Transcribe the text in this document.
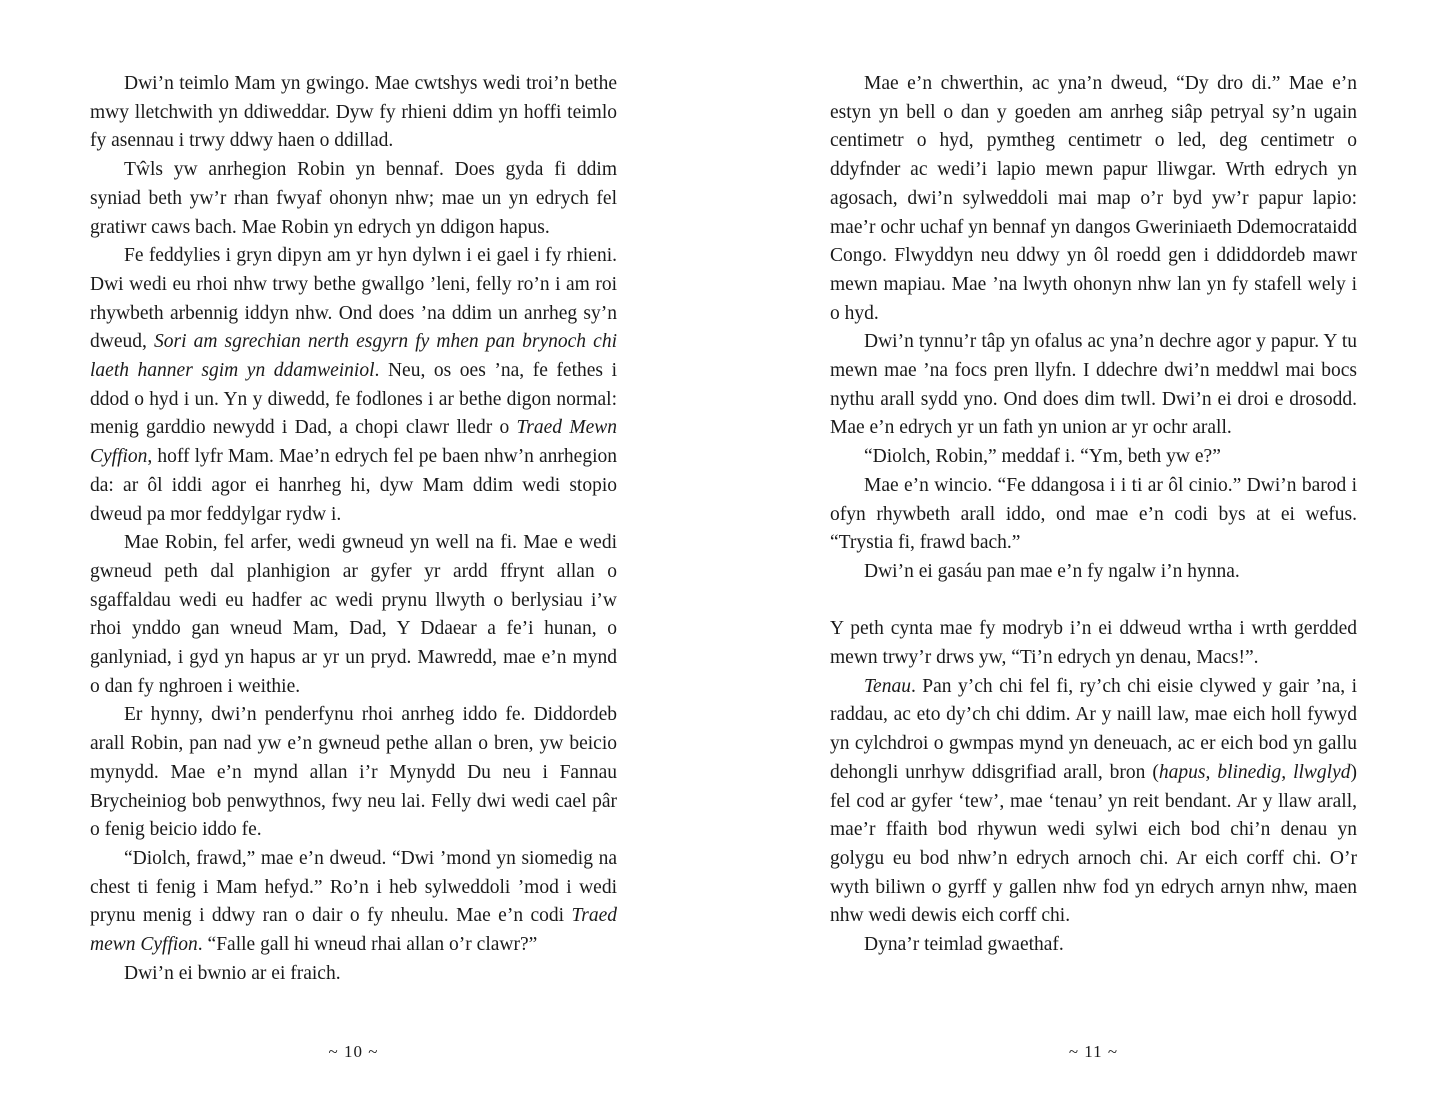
Dwi’n teimlo Mam yn gwingo. Mae cwtshys wedi troi’n bethe mwy lletchwith yn ddiweddar. Dyw fy rhieni ddim yn hoffi teimlo fy asennau i trwy ddwy haen o ddillad.

Tŵls yw anrhegion Robin yn bennaf. Does gyda fi ddim syniad beth yw’r rhan fwyaf ohonyn nhw; mae un yn edrych fel gratiwr caws bach. Mae Robin yn edrych yn ddigon hapus.

Fe feddylies i gryn dipyn am yr hyn dylwn i ei gael i fy rhieni. Dwi wedi eu rhoi nhw trwy bethe gwallgo ’leni, felly ro’n i am roi rhywbeth arbennig iddyn nhw. Ond does ’na ddim un anrheg sy’n dweud, Sori am sgrechian nerth esgyrn fy mhen pan brynoch chi laeth hanner sgim yn ddamweiniol. Neu, os oes ’na, fe fethes i ddod o hyd i un. Yn y diwedd, fe fodlones i ar bethe digon normal: menig garddio newydd i Dad, a chopi clawr lledr o Traed Mewn Cyffion, hoff lyfr Mam. Mae’n edrych fel pe baen nhw’n anrhegion da: ar ôl iddi agor ei hanrheg hi, dyw Mam ddim wedi stopio dweud pa mor feddylgar rydw i.

Mae Robin, fel arfer, wedi gwneud yn well na fi. Mae e wedi gwneud peth dal planhigion ar gyfer yr ardd ffrynt allan o sgaffaldau wedi eu hadfer ac wedi prynu llwyth o berlysiau i’w rhoi ynddo gan wneud Mam, Dad, Y Ddaear a fe’i hunan, o ganlyniad, i gyd yn hapus ar yr un pryd. Mawredd, mae e’n mynd o dan fy nghroen i weithie.

Er hynny, dwi’n penderfynu rhoi anrheg iddo fe. Diddordeb arall Robin, pan nad yw e’n gwneud pethe allan o bren, yw beicio mynydd. Mae e’n mynd allan i’r Mynydd Du neu i Fannau Brycheiniog bob penwythnos, fwy neu lai. Felly dwi wedi cael pâr o fenig beicio iddo fe.

“Diolch, frawd,” mae e’n dweud. “Dwi ’mond yn siomedig na chest ti fenig i Mam hefyd.” Ro’n i heb sylweddoli ’mod i wedi prynu menig i ddwy ran o dair o fy nheulu. Mae e’n codi Traed mewn Cyffion. “Falle gall hi wneud rhai allan o’r clawr?”

Dwi’n ei bwnio ar ei fraich.

~ 10 ~

Mae e’n chwerthin, ac yna’n dweud, “Dy dro di.” Mae e’n estyn yn bell o dan y goeden am anrheg siâp petryal sy’n ugain centimetr o hyd, pymtheg centimetr o led, deg centimetr o ddyfnder ac wedi’i lapio mewn papur lliwgar. Wrth edrych yn agosach, dwi’n sylweddoli mai map o’r byd yw’r papur lapio: mae’r ochr uchaf yn bennaf yn dangos Gweriniaeth Ddemocrataidd Congo. Flwyddyn neu ddwy yn ôl roedd gen i ddiddordeb mawr mewn mapiau. Mae ’na lwyth ohonyn nhw lan yn fy stafell wely i o hyd.

Dwi’n tynnu’r tâp yn ofalus ac yna’n dechre agor y papur. Y tu mewn mae ’na focs pren llyfn. I ddechre dwi’n meddwl mai bocs nythu arall sydd yno. Ond does dim twll. Dwi’n ei droi e drosodd. Mae e’n edrych yr un fath yn union ar yr ochr arall.

“Diolch, Robin,” meddaf i. “Ym, beth yw e?”

Mae e’n wincio. “Fe ddangosa i i ti ar ôl cinio.” Dwi’n barod i ofyn rhywbeth arall iddo, ond mae e’n codi bys at ei wefus. “Trystia fi, frawd bach.”

Dwi’n ei gasáu pan mae e’n fy ngalw i’n hynna.

Y peth cynta mae fy modryb i’n ei ddweud wrtha i wrth gerdded mewn trwy’r drws yw, “Ti’n edrych yn denau, Macs!”.

Tenau. Pan y’ch chi fel fi, ry’ch chi eisie clywed y gair ’na, i raddau, ac eto dy’ch chi ddim. Ar y naill law, mae eich holl fywyd yn cylchdroi o gwmpas mynd yn deneuach, ac er eich bod yn gallu dehongli unrhyw ddisgrifiad arall, bron (hapus, blinedig, llwglyd) fel cod ar gyfer ‘tew’, mae ‘tenau’ yn reit bendant. Ar y llaw arall, mae’r ffaith bod rhywun wedi sylwi eich bod chi’n denau yn golygu eu bod nhw’n edrych arnoch chi. Ar eich corff chi. O’r wyth biliwn o gyrff y gallen nhw fod yn edrych arnyn nhw, maen nhw wedi dewis eich corff chi.

Dyna’r teimlad gwaethaf.

~ 11 ~
